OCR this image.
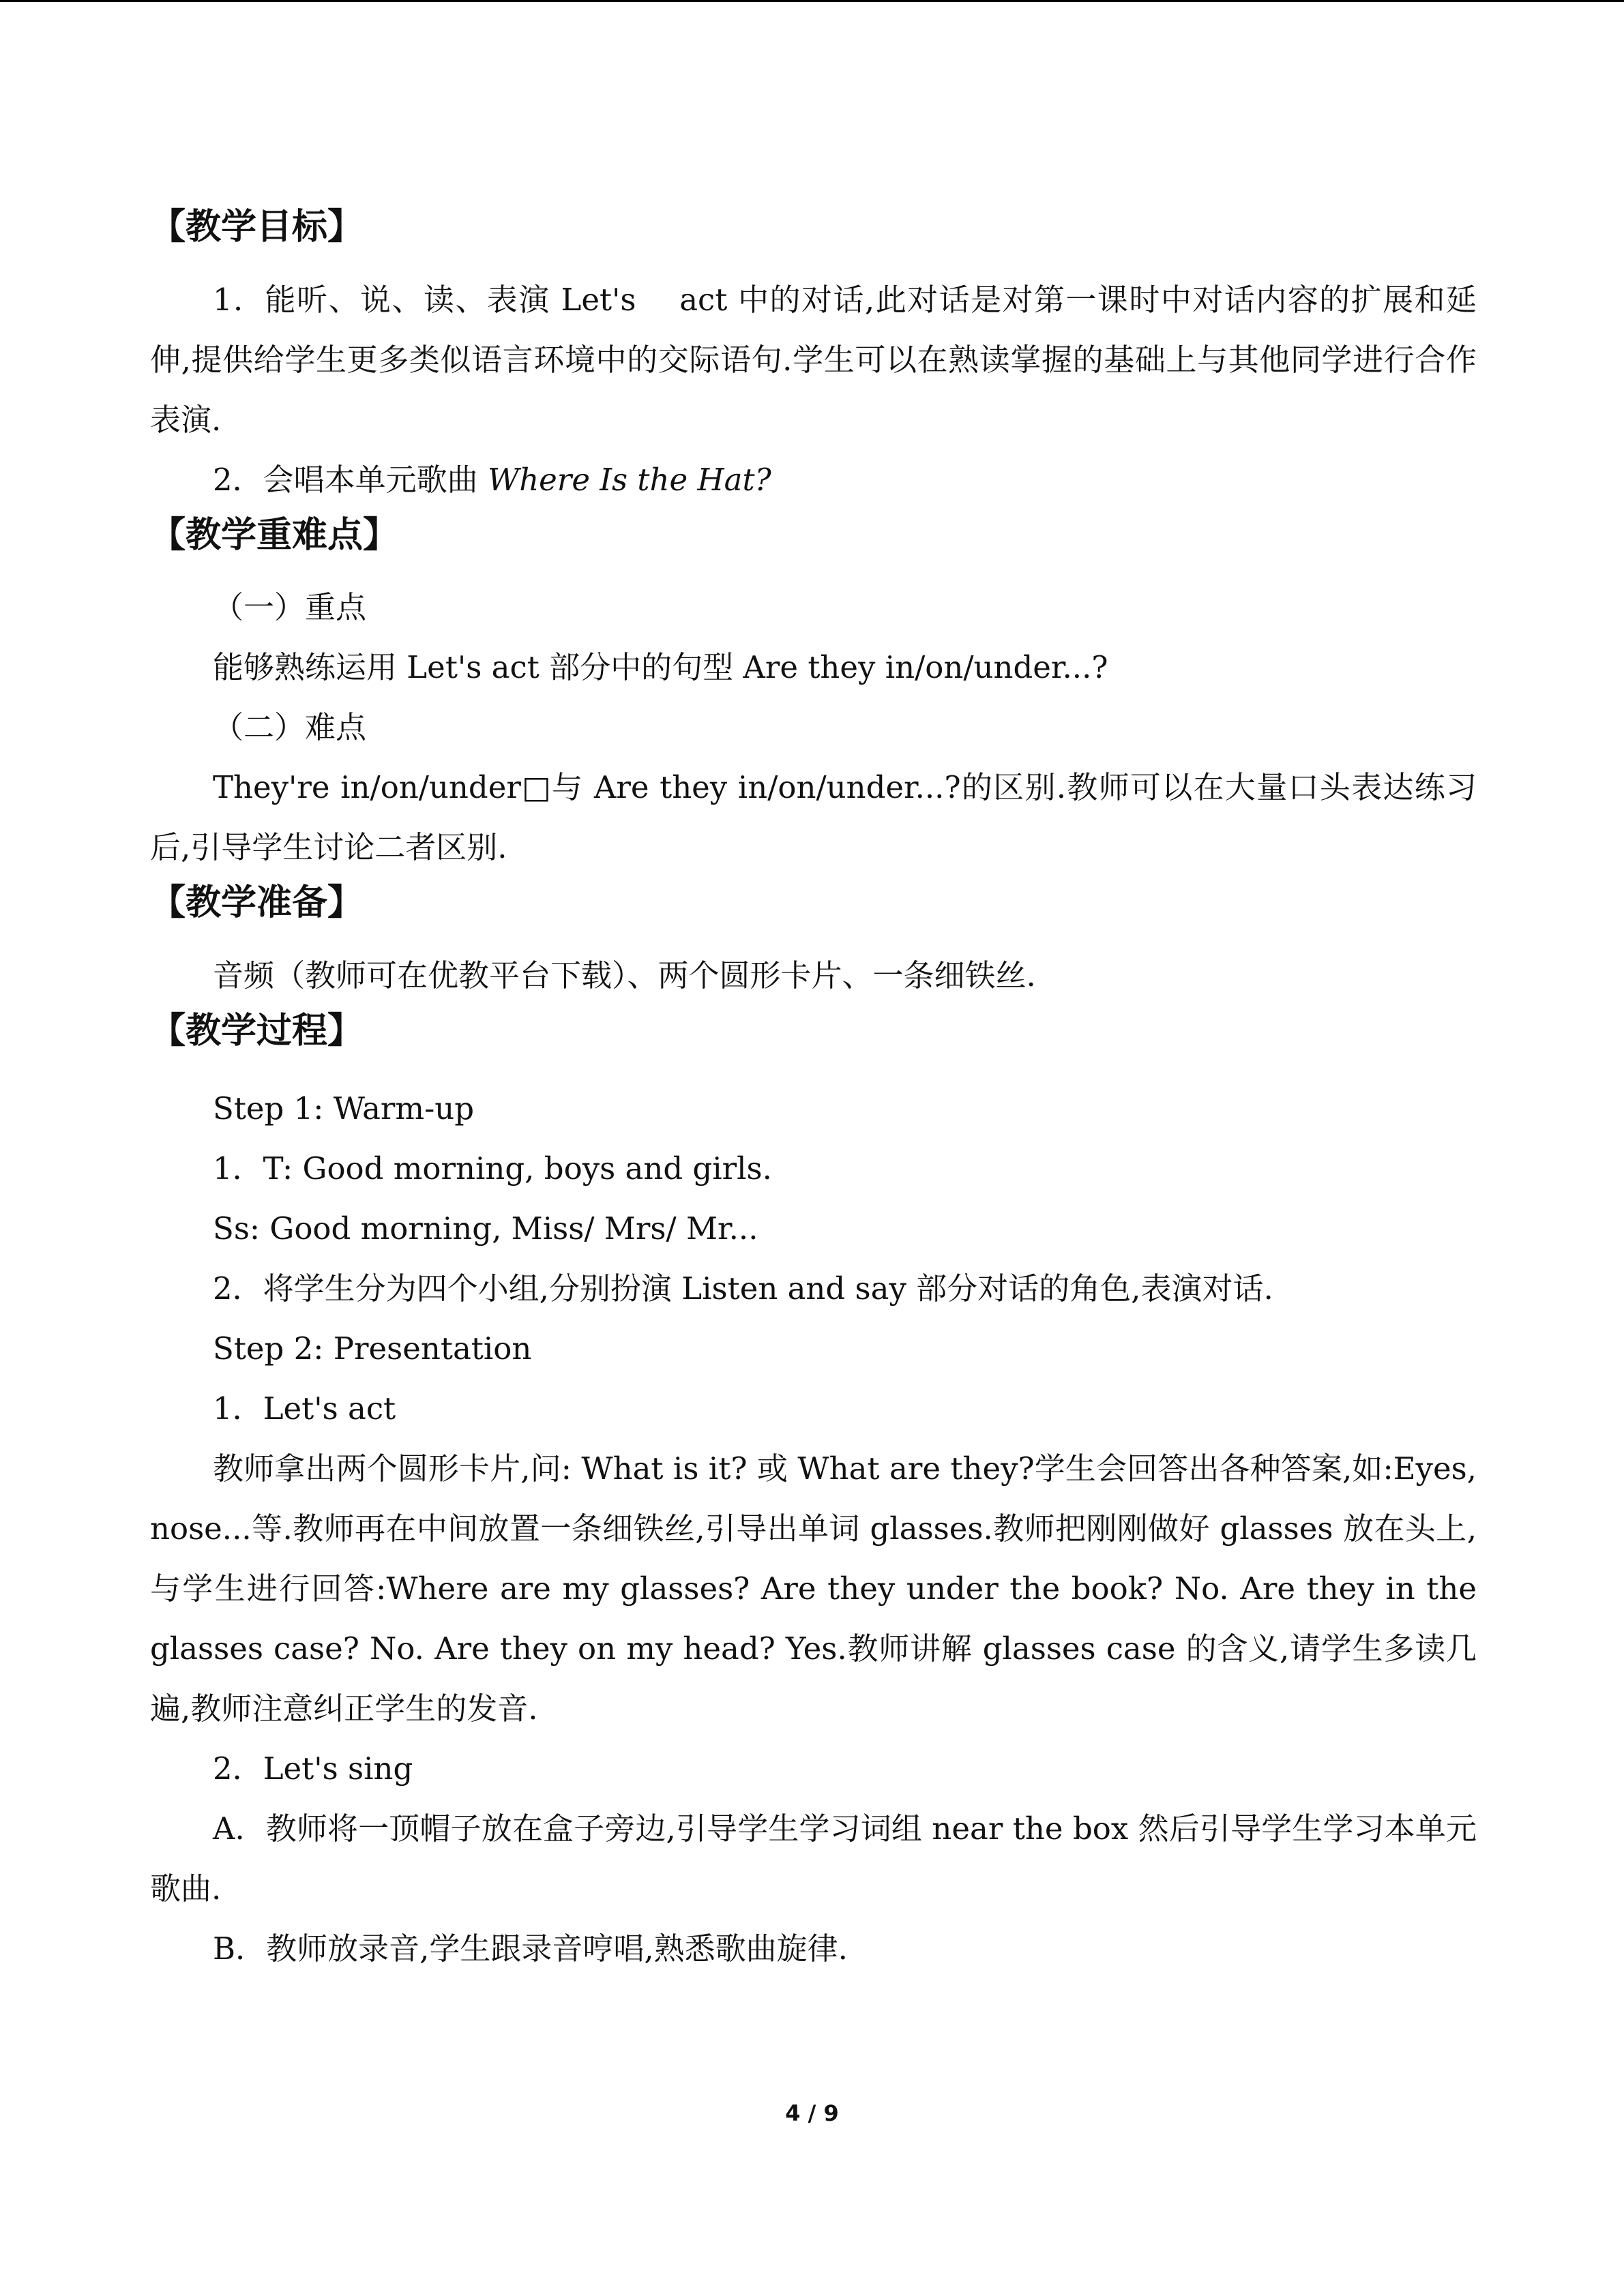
【教学目标】

1．能听、说、读、表演 Let's　 act 中的对话,此对话是对第一课时中对话内容的扩展和延伸,提供给学生更多类似语言环境中的交际语句.学生可以在熟读掌握的基础上与其他同学进行合作表演.

2．会唱本单元歌曲 Where Is the Hat?

【教学重难点】

（一）重点

能够熟练运用 Let's act 部分中的句型 Are they in/on/under...?

（二）难点

They're in/on/under□与 Are they in/on/under...?的区别.教师可以在大量口头表达练习后,引导学生讨论二者区别.

【教学准备】

音频（教师可在优教平台下载）、两个圆形卡片、一条细铁丝.

【教学过程】

Step 1: Warm-up

1．T: Good morning, boys and girls.

Ss: Good morning, Miss/ Mrs/ Mr...

2．将学生分为四个小组,分别扮演 Listen and say 部分对话的角色,表演对话.

Step 2: Presentation

1．Let's act

教师拿出两个圆形卡片,问: What is it? 或 What are they?学生会回答出各种答案,如:Eyes, nose...等.教师再在中间放置一条细铁丝,引导出单词 glasses.教师把刚刚做好 glasses 放在头上,与学生进行回答:Where are my glasses? Are they under the book? No. Are they in the glasses case? No. Are they on my head? Yes.教师讲解 glasses case 的含义,请学生多读几遍,教师注意纠正学生的发音.

2．Let's sing

A．教师将一顶帽子放在盒子旁边,引导学生学习词组 near the box 然后引导学生学习本单元歌曲.

B．教师放录音,学生跟录音哼唱,熟悉歌曲旋律.

4 / 9
